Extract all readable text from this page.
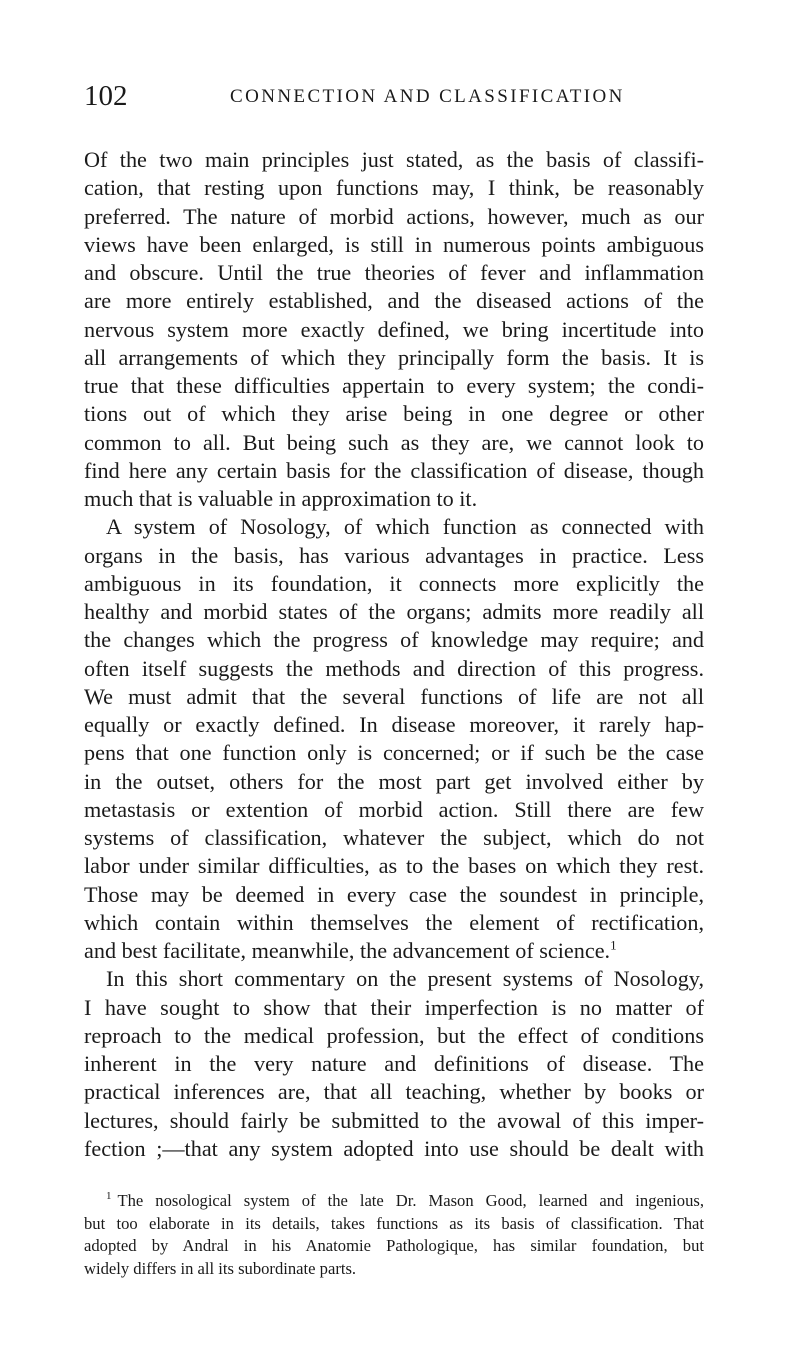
102	CONNECTION AND CLASSIFICATION
Of the two main principles just stated, as the basis of classifi-
cation, that resting upon functions may, I think, be reasonably
preferred. The nature of morbid actions, however, much as our
views have been enlarged, is still in numerous points ambiguous
and obscure. Until the true theories of fever and inflammation
are more entirely established, and the diseased actions of the
nervous system more exactly defined, we bring incertitude into
all arrangements of which they principally form the basis. It is
true that these difficulties appertain to every system; the condi-
tions out of which they arise being in one degree or other
common to all. But being such as they are, we cannot look to
find here any certain basis for the classification of disease, though
much that is valuable in approximation to it.
A system of Nosology, of which function as connected with
organs in the basis, has various advantages in practice. Less
ambiguous in its foundation, it connects more explicitly the
healthy and morbid states of the organs; admits more readily all
the changes which the progress of knowledge may require; and
often itself suggests the methods and direction of this progress.
We must admit that the several functions of life are not all
equally or exactly defined. In disease moreover, it rarely hap-
pens that one function only is concerned; or if such be the case
in the outset, others for the most part get involved either by
metastasis or extention of morbid action. Still there are few
systems of classification, whatever the subject, which do not
labor under similar difficulties, as to the bases on which they rest.
Those may be deemed in every case the soundest in principle,
which contain within themselves the element of rectification,
and best facilitate, meanwhile, the advancement of science.$^1$
In this short commentary on the present systems of Nosology,
I have sought to show that their imperfection is no matter of
reproach to the medical profession, but the effect of conditions
inherent in the very nature and definitions of disease. The
practical inferences are, that all teaching, whether by books or
lectures, should fairly be submitted to the avowal of this imper-
fection ;—that any system adopted into use should be dealt with
$^1$ The nosological system of the late Dr. Mason Good, learned and ingenious,
but too elaborate in its details, takes functions as its basis of classification. That
adopted by Andral in his Anatomie Pathologique, has similar foundation, but
widely differs in all its subordinate parts.
